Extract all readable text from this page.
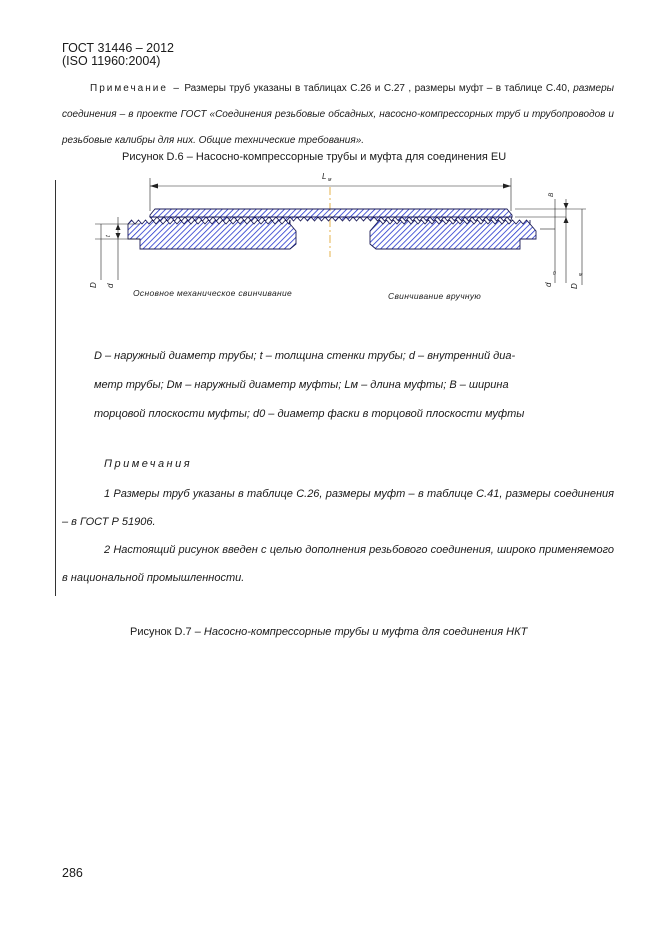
ГОСТ 31446 – 2012
(ISO 11960:2004)
Примечание – Размеры труб указаны в таблицах С.26 и С.27 , размеры муфт – в таблице С.40, размеры соединения – в проекте ГОСТ «Соединения резьбовые обсадных, насосно-компрессорных труб и трубопроводов и резьбовые калибры для них. Общие технические требования».
Рисунок D.6 – Насосно-компрессорные трубы и муфта для соединения EU
L м
t
D d
B
d
0
D
м
Основное механическое свинчивание	Свинчивание вручную
D – наружный диаметр трубы; t – толщина стенки трубы; d – внутренний диа-
метр трубы; Dм – наружный диаметр муфты; Lм – длина муфты; B – ширина
торцовой плоскости муфты; d0 – диаметр фаски в торцовой плоскости муфты
Примечания
1 Размеры труб указаны в таблице С.26, размеры муфт – в таблице С.41, размеры соединения – в ГОСТ Р 51906.
2 Настоящий рисунок введен с целью дополнения резьбового соединения, широко применяемого в национальной промышленности.
Рисунок D.7 – Насосно-компрессорные трубы и муфта для соединения НКТ
286
